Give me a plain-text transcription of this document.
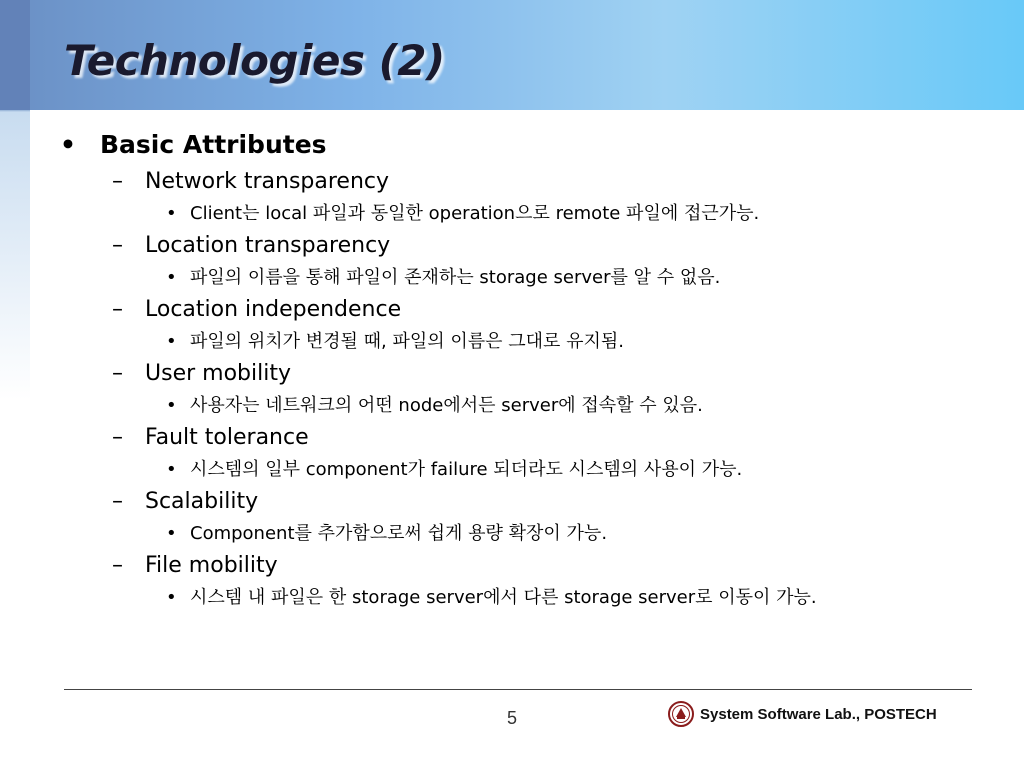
Technologies (2)
• Basic Attributes
– Network transparency
• Client는 local 파일과 동일한 operation으로 remote 파일에 접근가능.
– Location transparency
• 파일의 이름을 통해 파일이 존재하는 storage server를 알 수 없음.
– Location independence
• 파일의 위치가 변경될 때, 파일의 이름은 그대로 유지됨.
– User mobility
• 사용자는 네트워크의 어떤 node에서든 server에 접속할 수 있음.
– Fault tolerance
• 시스템의 일부 component가 failure 되더라도 시스템의 사용이 가능.
– Scalability
• Component를 추가함으로써 쉽게 용량 확장이 가능.
– File mobility
• 시스템 내 파일은 한 storage server에서 다른 storage server로 이동이 가능.
5	System Software Lab., POSTECH
